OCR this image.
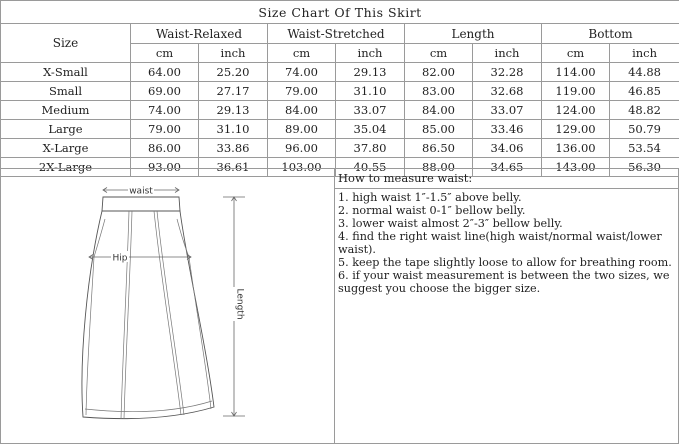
Size Chart Of This Skirt								
Size	Waist-Relaxed		Waist-Stretched		Length		Bottom	
	cm	inch	cm	inch	cm	inch	cm	inch
X-Small	64.00	25.20	74.00	29.13	82.00	32.28	114.00	44.88
Small	69.00	27.17	79.00	31.10	83.00	32.68	119.00	46.85
Medium	74.00	29.13	84.00	33.07	84.00	33.07	124.00	48.82
Large	79.00	31.10	89.00	35.04	85.00	33.46	129.00	50.79
X-Large	86.00	33.86	96.00	37.80	86.50	34.06	136.00	53.54
2X-Large	93.00	36.61	103.00	40.55	88.00	34.65	143.00	56.30
waist
Hip
Length
How to measure waist:
1. high waist 1″-1.5″ above belly.
2. normal waist 0-1″ bellow belly.
3. lower waist almost 2″-3″ bellow belly.
4. find the right waist line(high waist/normal waist/lower waist).
5. keep the tape slightly loose to allow for breathing room.
6. if your waist measurement is between the two sizes, we suggest you choose the bigger size.
